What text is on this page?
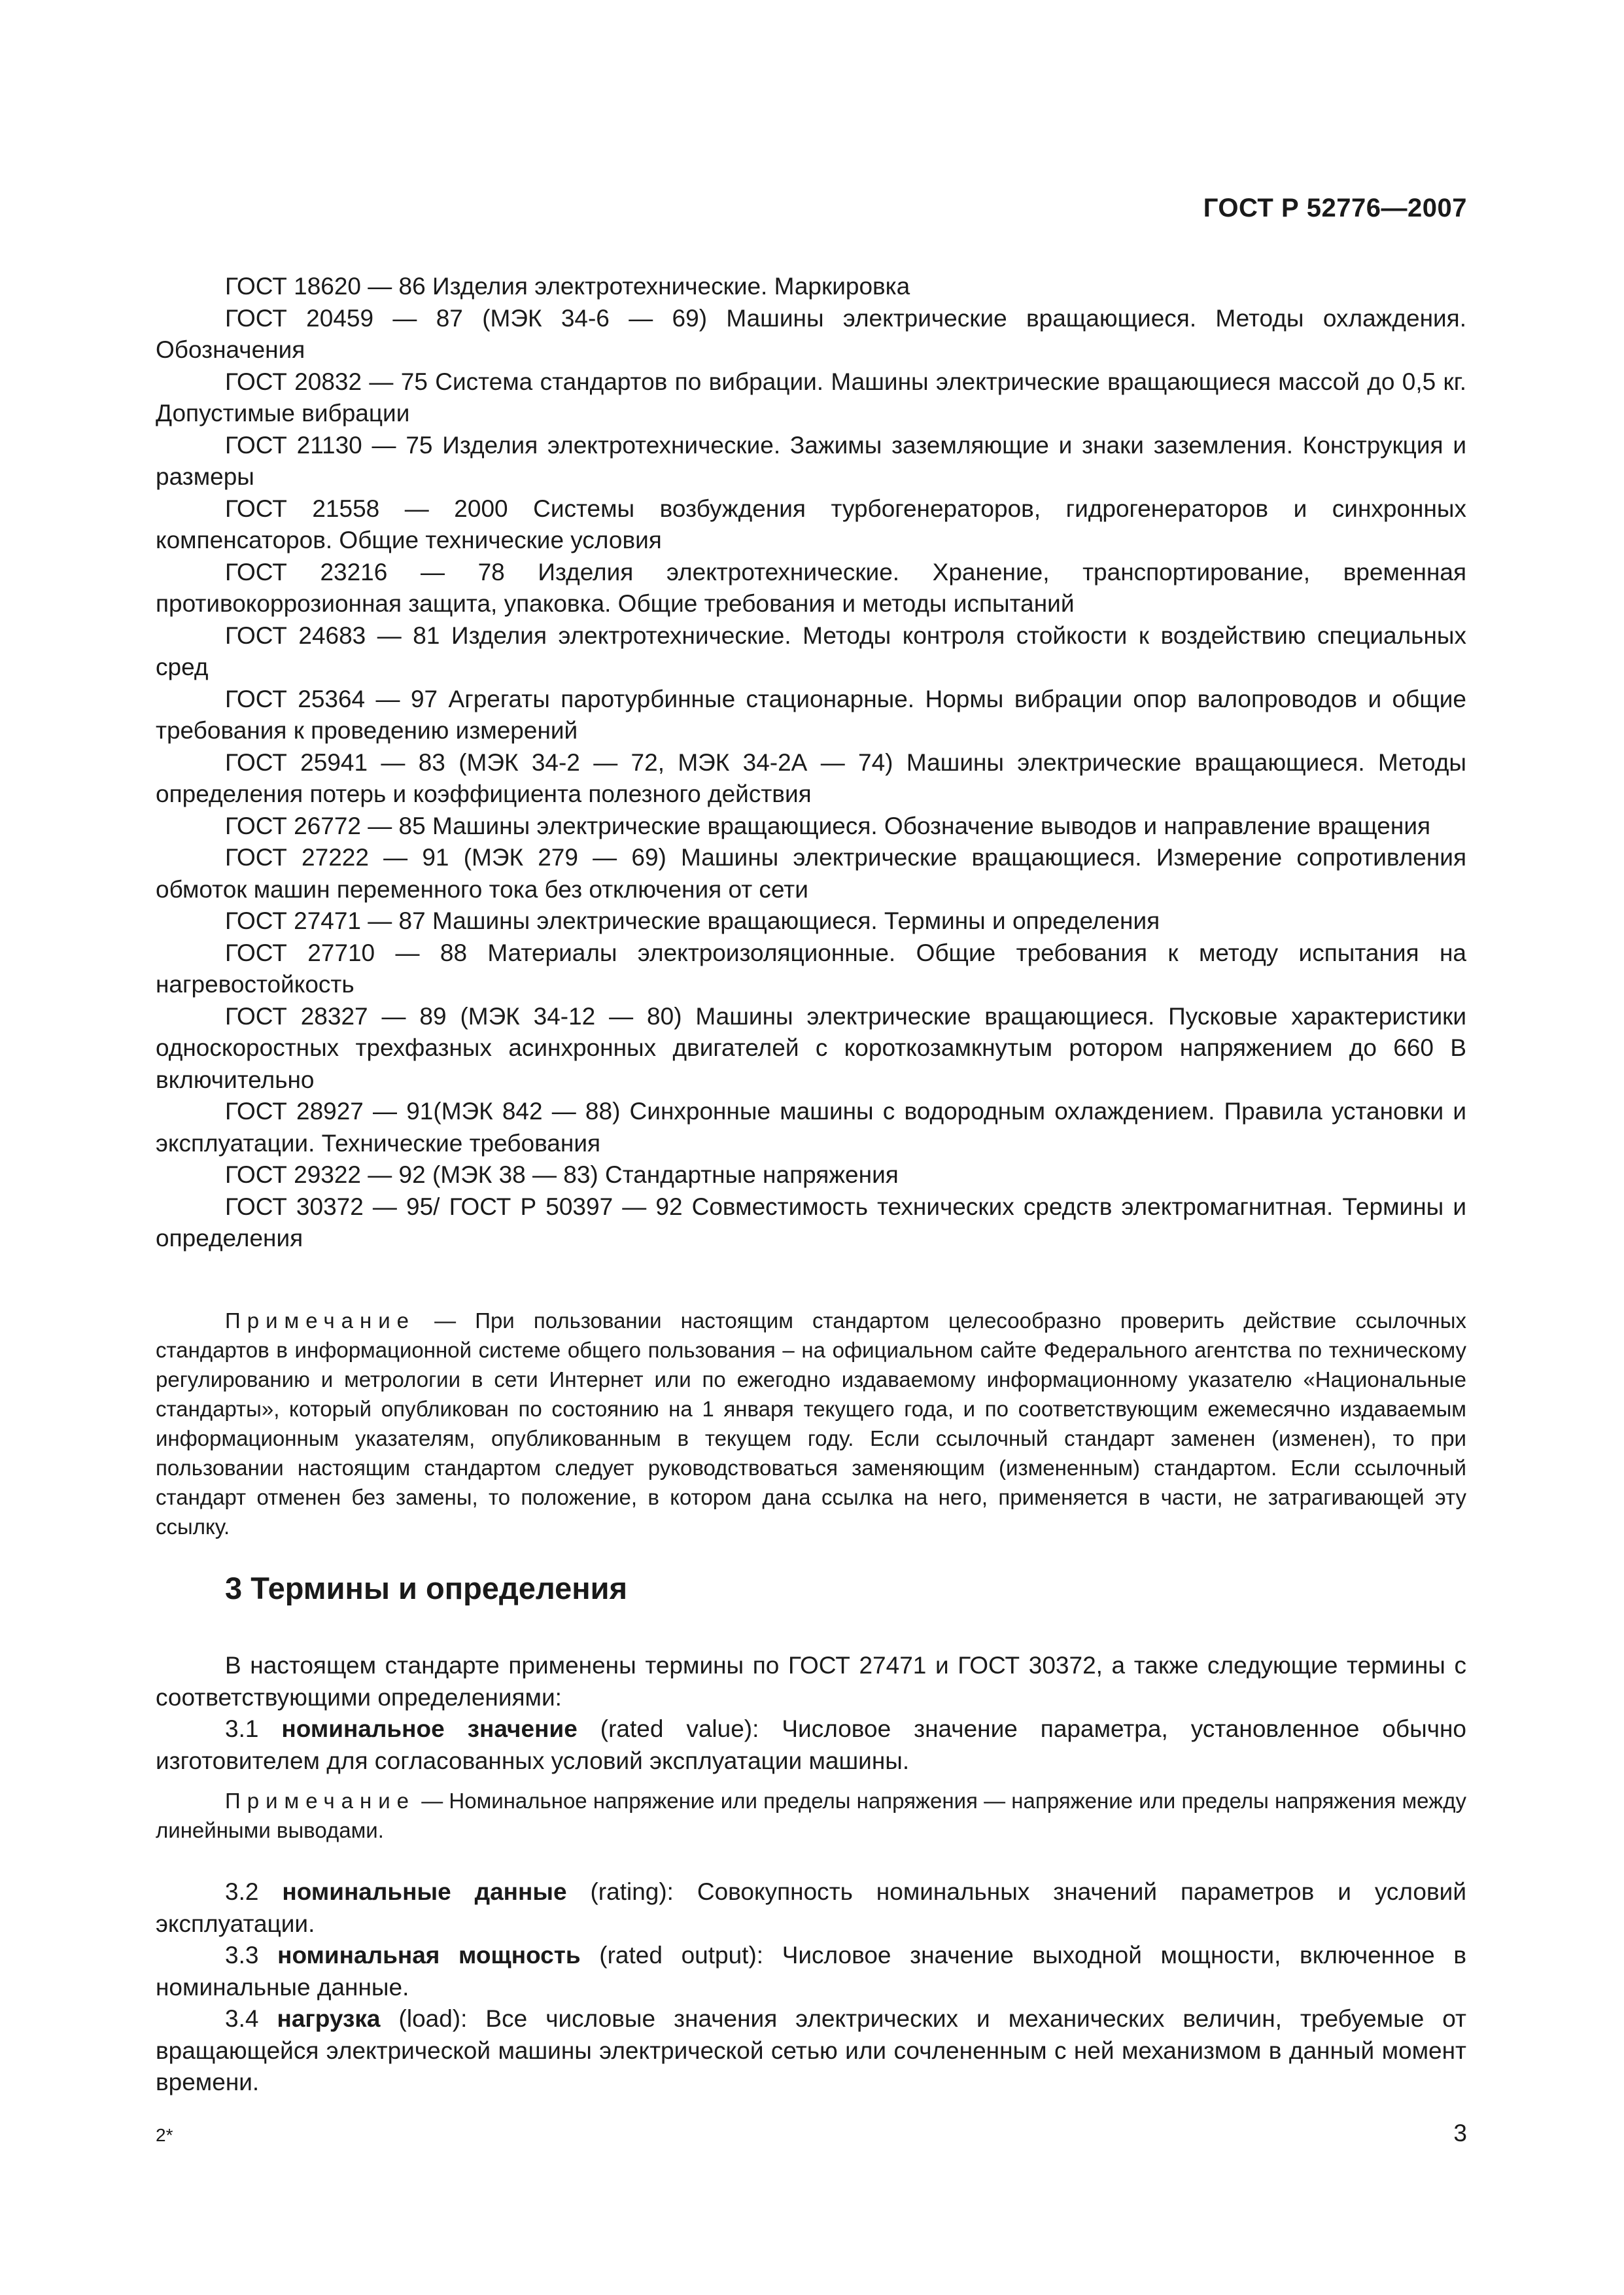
ГОСТ Р 52776—2007

ГОСТ 18620 — 86 Изделия электротехнические. Маркировка

ГОСТ 20459 — 87 (МЭК 34-6 — 69) Машины электрические вращающиеся. Методы охлаждения. Обозначения

ГОСТ 20832 — 75 Система стандартов по вибрации. Машины электрические вращающиеся массой до 0,5 кг. Допустимые вибрации

ГОСТ 21130 — 75 Изделия электротехнические. Зажимы заземляющие и знаки заземления. Конструкция и размеры

ГОСТ 21558 — 2000 Системы возбуждения турбогенераторов, гидрогенераторов и синхронных компенсаторов. Общие технические условия

ГОСТ 23216 — 78 Изделия электротехнические. Хранение, транспортирование, временная противокоррозионная защита, упаковка. Общие требования и методы испытаний

ГОСТ 24683 — 81 Изделия электротехнические. Методы контроля стойкости к воздействию специальных сред

ГОСТ 25364 — 97 Агрегаты паротурбинные стационарные. Нормы вибрации опор валопроводов и общие требования к проведению измерений

ГОСТ 25941 — 83 (МЭК 34-2 — 72, МЭК 34-2А — 74) Машины электрические вращающиеся. Методы определения потерь и коэффициента полезного действия

ГОСТ 26772 — 85 Машины электрические вращающиеся. Обозначение выводов и направление вращения

ГОСТ 27222 — 91 (МЭК 279 — 69) Машины электрические вращающиеся. Измерение сопротивления обмоток машин переменного тока без отключения от сети

ГОСТ 27471 — 87 Машины электрические вращающиеся. Термины и определения

ГОСТ 27710 — 88 Материалы электроизоляционные. Общие требования к методу испытания на нагревостойкость

ГОСТ 28327 — 89 (МЭК 34-12 — 80) Машины электрические вращающиеся. Пусковые характеристики односкоростных трехфазных асинхронных двигателей с короткозамкнутым ротором напряжением до 660 В включительно

ГОСТ 28927 — 91(МЭК 842 — 88) Синхронные машины с водородным охлаждением. Правила установки и эксплуатации. Технические требования

ГОСТ 29322 — 92 (МЭК 38 — 83) Стандартные напряжения

ГОСТ 30372 — 95/ ГОСТ Р 50397 — 92 Совместимость технических средств электромагнитная. Термины и определения

Примечание — При пользовании настоящим стандартом целесообразно проверить действие ссылочных стандартов в информационной системе общего пользования – на официальном сайте Федерального агентства по техническому регулированию и метрологии в сети Интернет или по ежегодно издаваемому информационному указателю «Национальные стандарты», который опубликован по состоянию на 1 января текущего года, и по соответствующим ежемесячно издаваемым информационным указателям, опубликованным в текущем году. Если ссылочный стандарт заменен (изменен), то при пользовании настоящим стандартом следует руководствоваться заменяющим (измененным) стандартом. Если ссылочный стандарт отменен без замены, то положение, в котором дана ссылка на него, применяется в части, не затрагивающей эту ссылку.

3 Термины и определения

В настоящем стандарте применены термины по ГОСТ 27471 и ГОСТ 30372, а также следующие термины с соответствующими определениями:

3.1 номинальное значение (rated value): Числовое значение параметра, установленное обычно изготовителем для согласованных условий эксплуатации машины.

Примечание — Номинальное напряжение или пределы напряжения — напряжение или пределы напряжения между линейными выводами.

3.2 номинальные данные (rating): Совокупность номинальных значений параметров и условий эксплуатации.

3.3 номинальная мощность (rated output): Числовое значение выходной мощности, включенное в номинальные данные.

3.4 нагрузка (load): Все числовые значения электрических и механических величин, требуемые от вращающейся электрической машины электрической сетью или сочлененным с ней механизмом в данный момент времени.

2*	3
